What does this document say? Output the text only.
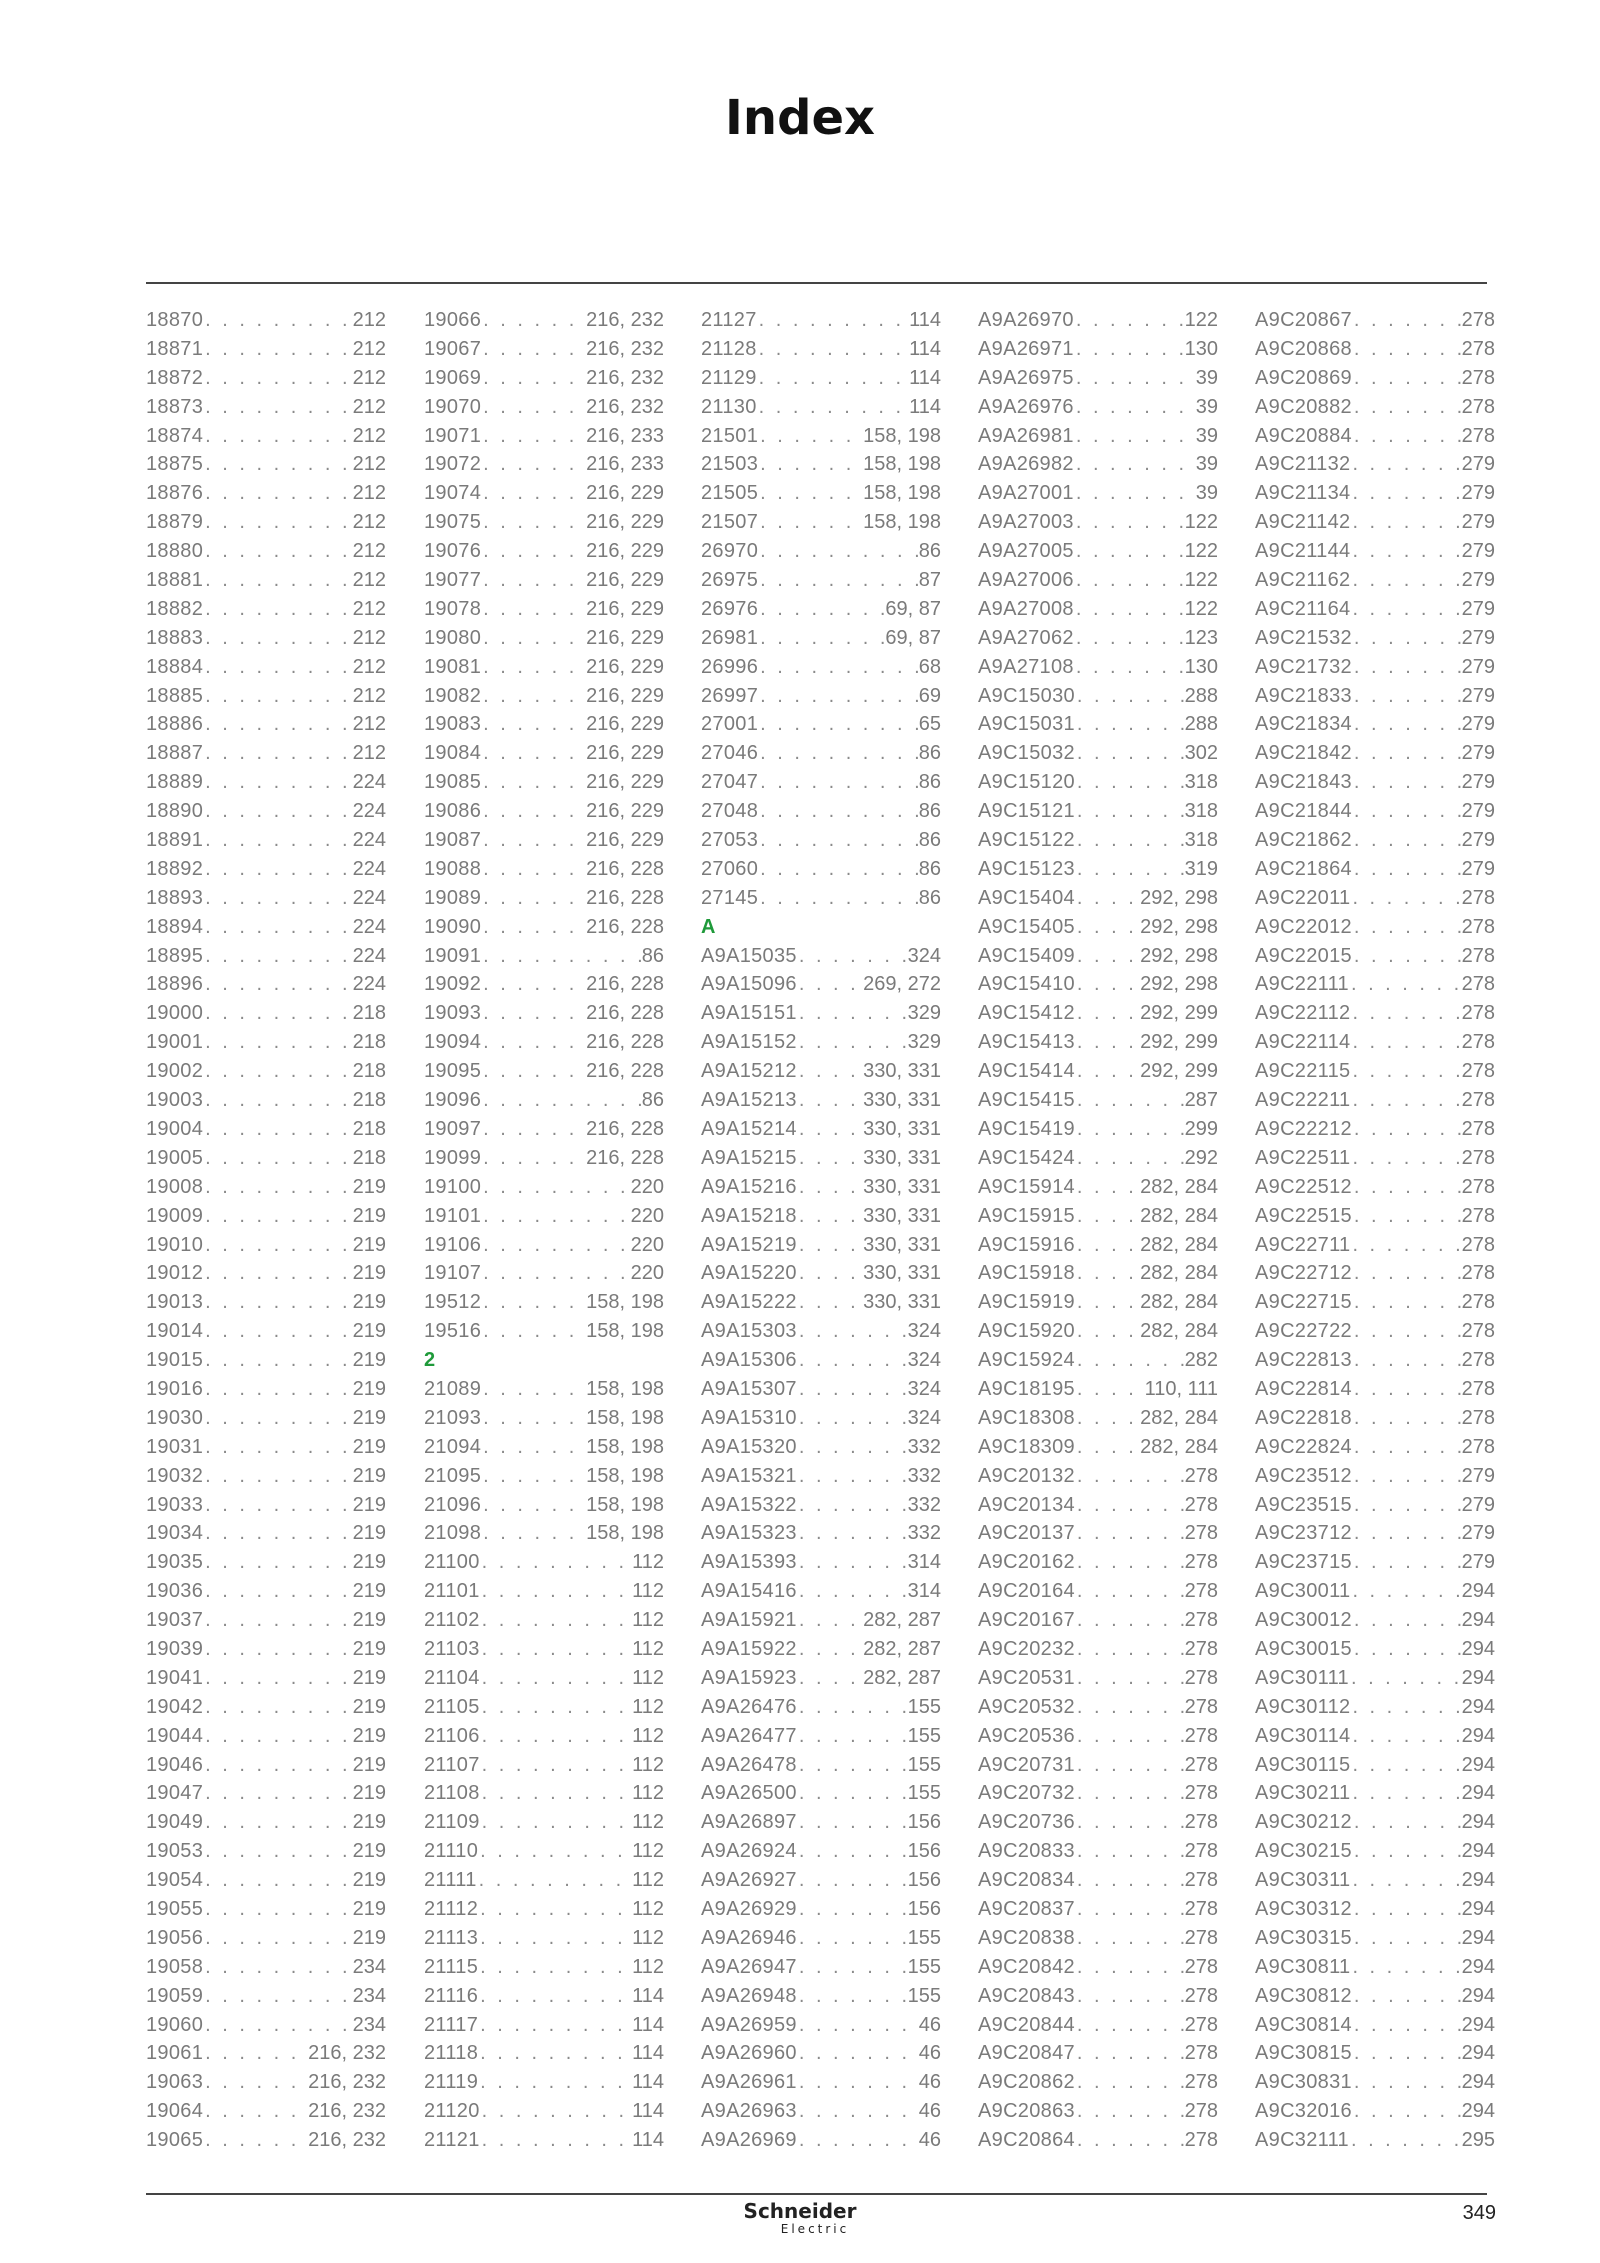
Index
18870 . . .	212
18871 . . .	212
18872 . . .	212
18873 . . .	212
18874 . . .	212
18875 . . .	212
18876 . . .	212
18879 . . .	212
18880 . . .	212
18881 . . .	212
18882 . . .	212
18883 . . .	212
18884 . . .	212
18885 . . .	212
18886 . . .	212
18887 . . .	212
18889 . . .	224
18890 . . .	224
18891 . . .	224
18892 . . .	224
18893 . . .	224
18894 . . .	224
18895 . . .	224
18896 . . .	224
19000 . . .	218
19001 . . .	218
19002 . . .	218
19003 . . .	218
19004 . . .	218
19005 . . .	218
19008 . . .	219
19009 . . .	219
19010 . . .	219
19012 . . .	219
19013 . . .	219
19014 . . .	219
19015 . . .	219
19016 . . .	219
19030 . . .	219
19031 . . .	219
19032 . . .	219
19033 . . .	219
19034 . . .	219
19035 . . .	219
19036 . . .	219
19037 . . .	219
19039 . . .	219
19041 . . .	219
19042 . . .	219
19044 . . .	219
19046 . . .	219
19047 . . .	219
19049 . . .	219
19053 . . .	219
19054 . . .	219
19055 . . .	219
19056 . . .	219
19058 . . .	234
19059 . . .	234
19060 . . .	234
19061 . . .	216, 232
19063 . . .	216, 232
19064 . . .	216, 232
19065 . . .	216, 232
19066 . . .	216, 232
19067 . . .	216, 232
19069 . . .	216, 232
19070 . . .	216, 232
19071 . . .	216, 233
19072 . . .	216, 233
19074 . . .	216, 229
19075 . . .	216, 229
19076 . . .	216, 229
19077 . . .	216, 229
19078 . . .	216, 229
19080 . . .	216, 229
19081 . . .	216, 229
19082 . . .	216, 229
19083 . . .	216, 229
19084 . . .	216, 229
19085 . . .	216, 229
19086 . . .	216, 229
19087 . . .	216, 229
19088 . . .	216, 228
19089 . . .	216, 228
19090 . . .	216, 228
19091 . . .	86
19092 . . .	216, 228
19093 . . .	216, 228
19094 . . .	216, 228
19095 . . .	216, 228
19096 . . .	86
19097 . . .	216, 228
19099 . . .	216, 228
19100 . . .	220
19101 . . .	220
19106 . . .	220
19107 . . .	220
19512 . . .	158, 198
19516 . . .	158, 198
2
21089 . . .	158, 198
21093 . . .	158, 198
21094 . . .	158, 198
21095 . . .	158, 198
21096 . . .	158, 198
21098 . . .	158, 198
21100 . . .	112
21101 . . .	112
21102 . . .	112
21103 . . .	112
21104 . . .	112
21105 . . .	112
21106 . . .	112
21107 . . .	112
21108 . . .	112
21109 . . .	112
21110 . . .	112
21111 . . .	112
21112 . . .	112
21113 . . .	112
21115 . . .	112
21116 . . .	114
21117 . . .	114
21118 . . .	114
21119 . . .	114
21120 . . .	114
21121 . . .	114
21127 . . .	114
21128 . . .	114
21129 . . .	114
21130 . . .	114
21501 . . .	158, 198
21503 . . .	158, 198
21505 . . .	158, 198
21507 . . .	158, 198
26970 . . .	86
26975 . . .	87
26976 . . .	69, 87
26981 . . .	69, 87
26996 . . .	68
26997 . . .	69
27001 . . .	65
27046 . . .	86
27047 . . .	86
27048 . . .	86
27053 . . .	86
27060 . . .	86
27145 . . .	86
A
A9A15035 . . .	324
A9A15096 . . .	269, 272
A9A15151 . . .	329
A9A15152 . . .	329
A9A15212 . . .	330, 331
A9A15213 . . .	330, 331
A9A15214 . . .	330, 331
A9A15215 . . .	330, 331
A9A15216 . . .	330, 331
A9A15218 . . .	330, 331
A9A15219 . . .	330, 331
A9A15220 . . .	330, 331
A9A15222 . . .	330, 331
A9A15303 . . .	324
A9A15306 . . .	324
A9A15307 . . .	324
A9A15310 . . .	324
A9A15320 . . .	332
A9A15321 . . .	332
A9A15322 . . .	332
A9A15323 . . .	332
A9A15393 . . .	314
A9A15416 . . .	314
A9A15921 . . .	282, 287
A9A15922 . . .	282, 287
A9A15923 . . .	282, 287
A9A26476 . . .	155
A9A26477 . . .	155
A9A26478 . . .	155
A9A26500 . . .	155
A9A26897 . . .	156
A9A26924 . . .	156
A9A26927 . . .	156
A9A26929 . . .	156
A9A26946 . . .	155
A9A26947 . . .	155
A9A26948 . . .	155
A9A26959 . . .	46
A9A26960 . . .	46
A9A26961 . . .	46
A9A26963 . . .	46
A9A26969 . . .	46
A9A26970 . . .	122
A9A26971 . . .	130
A9A26975 . . .	39
A9A26976 . . .	39
A9A26981 . . .	39
A9A26982 . . .	39
A9A27001 . . .	39
A9A27003 . . .	122
A9A27005 . . .	122
A9A27006 . . .	122
A9A27008 . . .	122
A9A27062 . . .	123
A9A27108 . . .	130
A9C15030 . . .	288
A9C15031 . . .	288
A9C15032 . . .	302
A9C15120 . . .	318
A9C15121 . . .	318
A9C15122 . . .	318
A9C15123 . . .	319
A9C15404 . . .	292, 298
A9C15405 . . .	292, 298
A9C15409 . . .	292, 298
A9C15410 . . .	292, 298
A9C15412 . . .	292, 299
A9C15413 . . .	292, 299
A9C15414 . . .	292, 299
A9C15415 . . .	287
A9C15419 . . .	299
A9C15424 . . .	292
A9C15914 . . .	282, 284
A9C15915 . . .	282, 284
A9C15916 . . .	282, 284
A9C15918 . . .	282, 284
A9C15919 . . .	282, 284
A9C15920 . . .	282, 284
A9C15924 . . .	282
A9C18195 . . .	110, 111
A9C18308 . . .	282, 284
A9C18309 . . .	282, 284
A9C20132 . . .	278
A9C20134 . . .	278
A9C20137 . . .	278
A9C20162 . . .	278
A9C20164 . . .	278
A9C20167 . . .	278
A9C20232 . . .	278
A9C20531 . . .	278
A9C20532 . . .	278
A9C20536 . . .	278
A9C20731 . . .	278
A9C20732 . . .	278
A9C20736 . . .	278
A9C20833 . . .	278
A9C20834 . . .	278
A9C20837 . . .	278
A9C20838 . . .	278
A9C20842 . . .	278
A9C20843 . . .	278
A9C20844 . . .	278
A9C20847 . . .	278
A9C20862 . . .	278
A9C20863 . . .	278
A9C20864 . . .	278
A9C20867 . . .	278
A9C20868 . . .	278
A9C20869 . . .	278
A9C20882 . . .	278
A9C20884 . . .	278
A9C21132 . . .	279
A9C21134 . . .	279
A9C21142 . . .	279
A9C21144 . . .	279
A9C21162 . . .	279
A9C21164 . . .	279
A9C21532 . . .	279
A9C21732 . . .	279
A9C21833 . . .	279
A9C21834 . . .	279
A9C21842 . . .	279
A9C21843 . . .	279
A9C21844 . . .	279
A9C21862 . . .	279
A9C21864 . . .	279
A9C22011 . . .	278
A9C22012 . . .	278
A9C22015 . . .	278
A9C22111 . . .	278
A9C22112 . . .	278
A9C22114 . . .	278
A9C22115 . . .	278
A9C22211 . . .	278
A9C22212 . . .	278
A9C22511 . . .	278
A9C22512 . . .	278
A9C22515 . . .	278
A9C22711 . . .	278
A9C22712 . . .	278
A9C22715 . . .	278
A9C22722 . . .	278
A9C22813 . . .	278
A9C22814 . . .	278
A9C22818 . . .	278
A9C22824 . . .	278
A9C23512 . . .	279
A9C23515 . . .	279
A9C23712 . . .	279
A9C23715 . . .	279
A9C30011 . . .	294
A9C30012 . . .	294
A9C30015 . . .	294
A9C30111 . . .	294
A9C30112 . . .	294
A9C30114 . . .	294
A9C30115 . . .	294
A9C30211 . . .	294
A9C30212 . . .	294
A9C30215 . . .	294
A9C30311 . . .	294
A9C30312 . . .	294
A9C30315 . . .	294
A9C30811 . . .	294
A9C30812 . . .	294
A9C30814 . . .	294
A9C30815 . . .	294
A9C30831 . . .	294
A9C32016 . . .	294
A9C32111 . . .	295
Schneider
Electric
349
